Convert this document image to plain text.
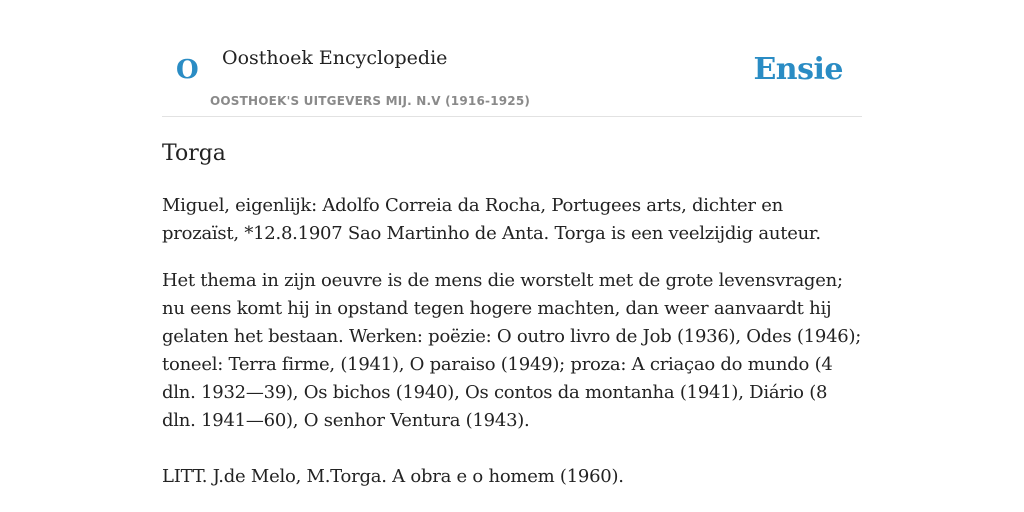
O Oosthoek Encyclopedie
OOSTHOEK'S UITGEVERS MIJ. N.V (1916-1925)
Ensie
Torga

Miguel, eigenlijk: Adolfo Correia da Rocha, Portugees arts, dichter en prozaïst, *12.8.1907 Sao Martinho de Anta. Torga is een veelzijdig auteur.

Het thema in zijn oeuvre is de mens die worstelt met de grote levensvragen; nu eens komt hij in opstand tegen hogere machten, dan weer aanvaardt hij gelaten het bestaan. Werken: poëzie: O outro livro de Job (1936), Odes (1946); toneel: Terra firme, (1941), O paraiso (1949); proza: A criaçao do mundo (4 dln. 1932—39), Os bichos (1940), Os contos da montanha (1941), Diário (8 dln. 1941—60), O senhor Ventura (1943).

LITT. J.de Melo, M.Torga. A obra e o homem (1960).
